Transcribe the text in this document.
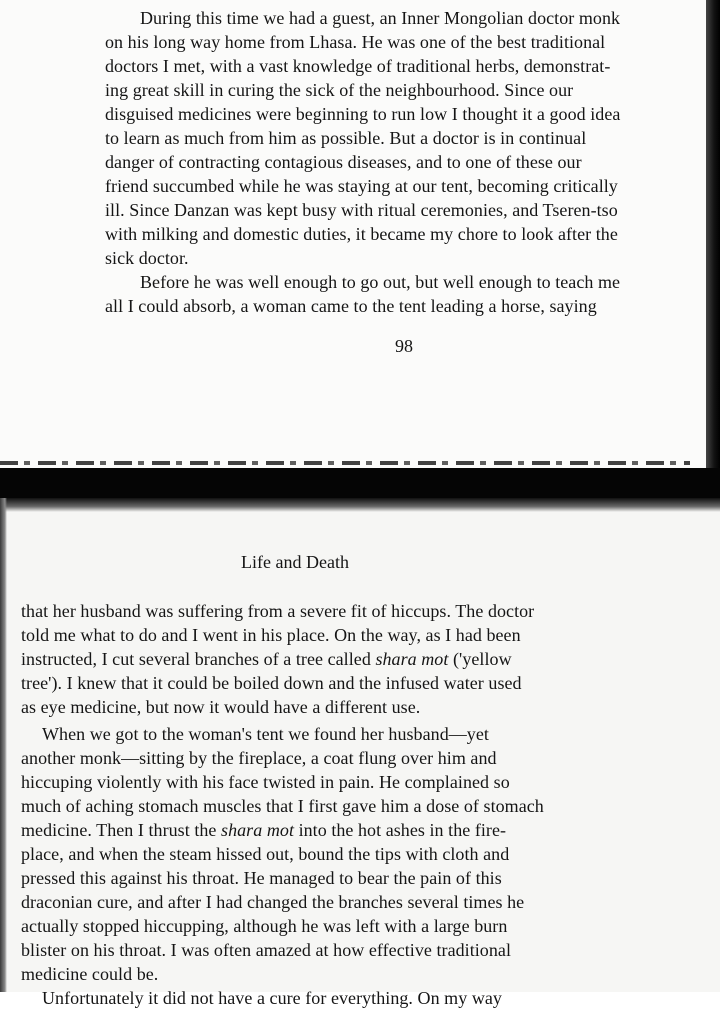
During this time we had a guest, an Inner Mongolian doctor monk
on his long way home from Lhasa. He was one of the best traditional
doctors I met, with a vast knowledge of traditional herbs, demonstrat-
ing great skill in curing the sick of the neighbourhood. Since our
disguised medicines were beginning to run low I thought it a good idea
to learn as much from him as possible. But a doctor is in continual
danger of contracting contagious diseases, and to one of these our
friend succumbed while he was staying at our tent, becoming critically
ill. Since Danzan was kept busy with ritual ceremonies, and Tseren-tso
with milking and domestic duties, it became my chore to look after the
sick doctor.
Before he was well enough to go out, but well enough to teach me
all I could absorb, a woman came to the tent leading a horse, saying
98
Life and Death
that her husband was suffering from a severe fit of hiccups. The doctor
told me what to do and I went in his place. On the way, as I had been
instructed, I cut several branches of a tree called shara mot ('yellow
tree'). I knew that it could be boiled down and the infused water used
as eye medicine, but now it would have a different use.
When we got to the woman's tent we found her husband—yet
another monk—sitting by the fireplace, a coat flung over him and
hiccuping violently with his face twisted in pain. He complained so
much of aching stomach muscles that I first gave him a dose of stomach
medicine. Then I thrust the shara mot into the hot ashes in the fire-
place, and when the steam hissed out, bound the tips with cloth and
pressed this against his throat. He managed to bear the pain of this
draconian cure, and after I had changed the branches several times he
actually stopped hiccupping, although he was left with a large burn
blister on his throat. I was often amazed at how effective traditional
medicine could be.
Unfortunately it did not have a cure for everything. On my way
